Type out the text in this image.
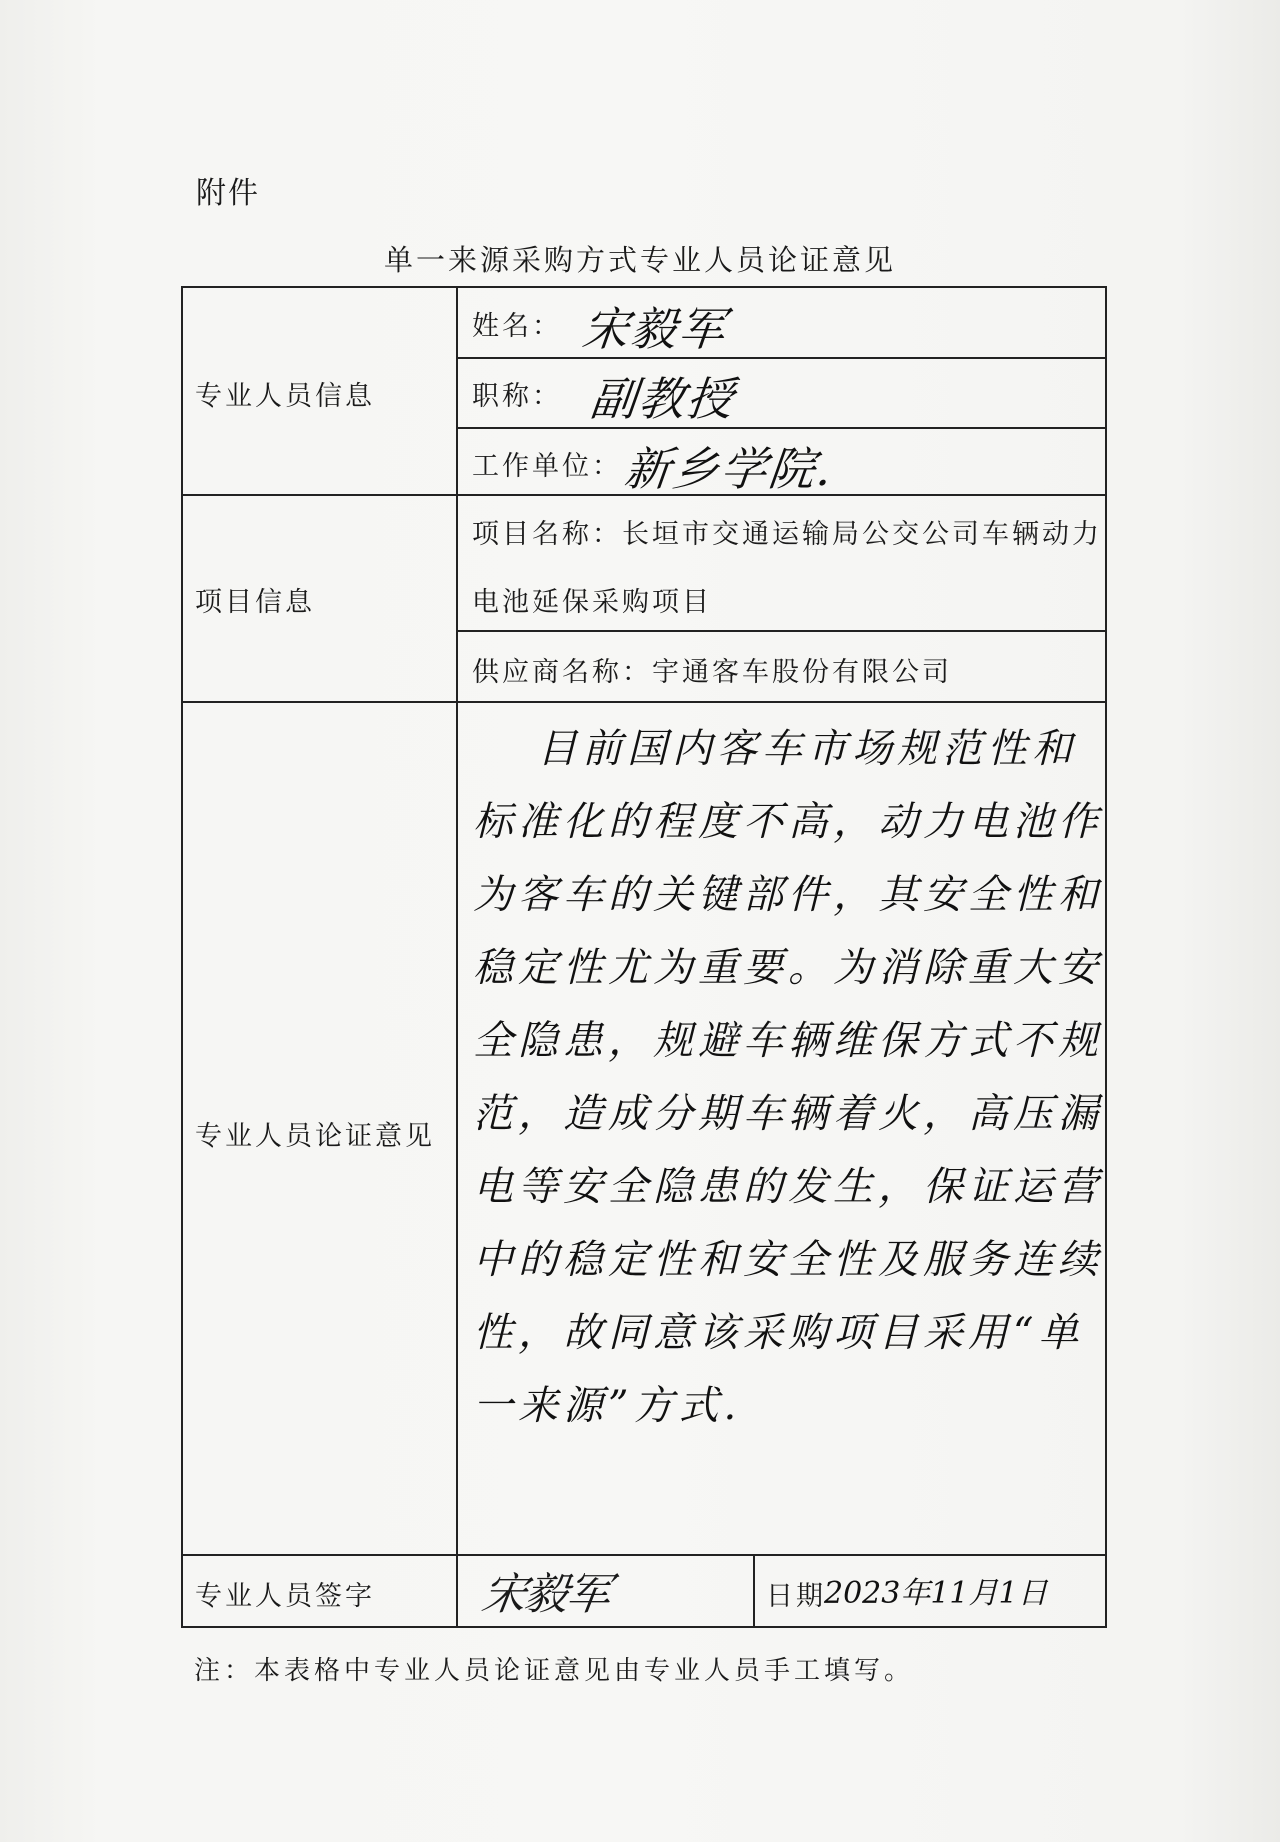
附件
单一来源采购方式专业人员论证意见
专业人员信息
姓名： 宋毅军
职称： 副教授
工作单位： 新乡学院.
项目信息
项目名称：长垣市交通运输局公交公司车辆动力
电池延保采购项目
供应商名称：宇通客车股份有限公司
专业人员论证意见
目前国内客车市场规范性和标准化的程度不高，动力电池作为客车的关键部件，其安全性和稳定性尤为重要。为消除重大安全隐患，规避车辆维保方式不规范，造成分期车辆着火，高压漏电等安全隐患的发生，保证运营中的稳定性和安全性及服务连续性，故同意该采购项目采用“单一来源”方式.
专业人员签字 宋毅军	日期
2023年11月1日
注：本表格中专业人员论证意见由专业人员手工填写。
